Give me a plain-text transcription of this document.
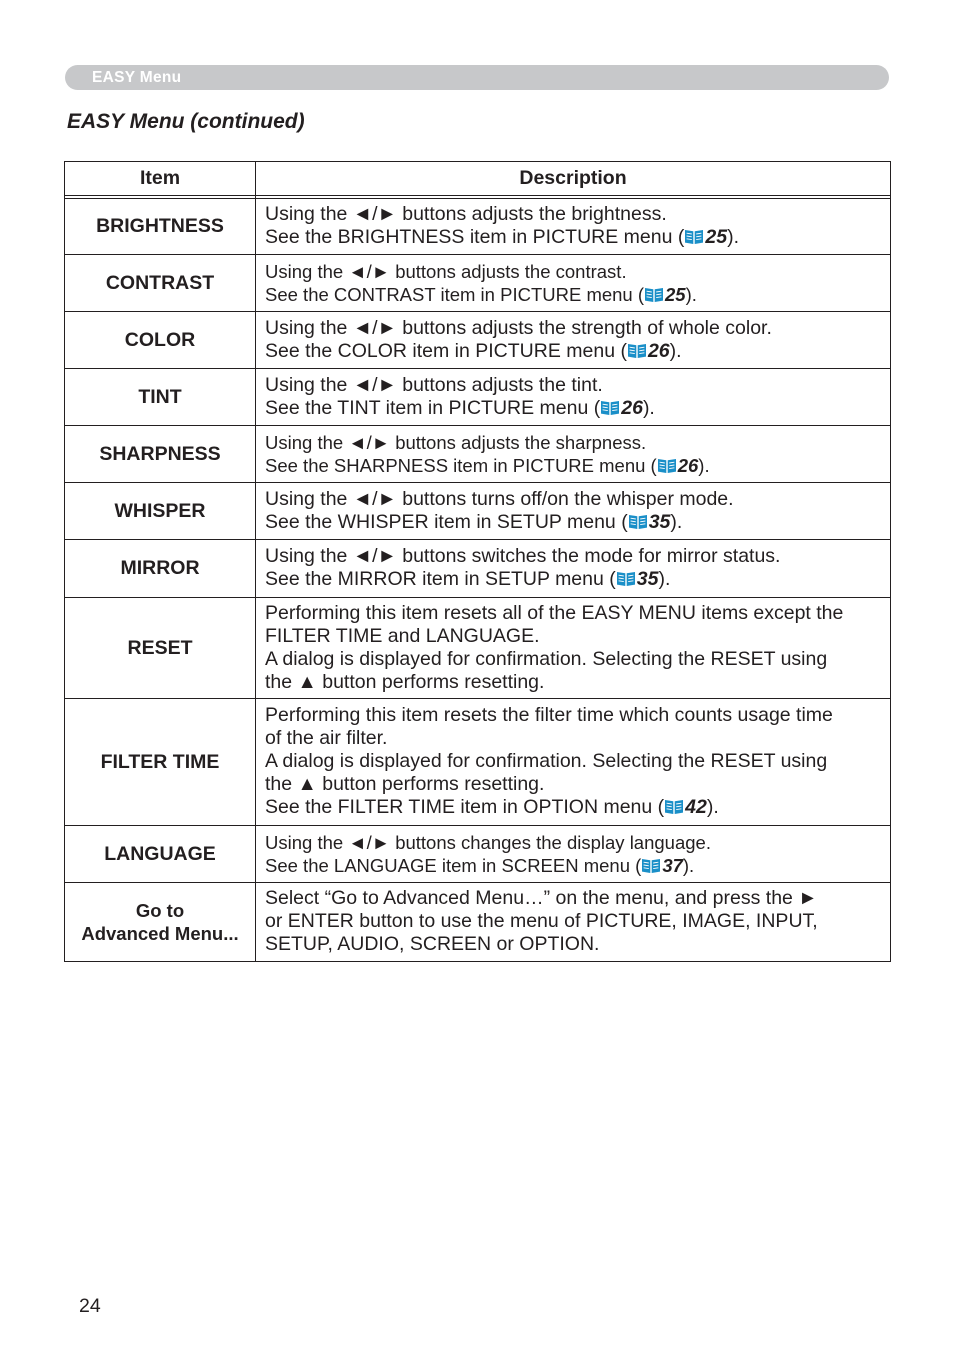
EASY Menu
EASY Menu (continued)
Item	Description

BRIGHTNESS	Using the ◄/► buttons adjusts the brightness.
See the BRIGHTNESS item in PICTURE menu ( 25).

CONTRAST	Using the ◄/► buttons adjusts the contrast.
See the CONTRAST item in PICTURE menu ( 25).

COLOR	Using the ◄/► buttons adjusts the strength of whole color.
See the COLOR item in PICTURE menu ( 26).

TINT	Using the ◄/► buttons adjusts the tint.
See the TINT item in PICTURE menu ( 26).

SHARPNESS	Using the ◄/► buttons adjusts the sharpness.
See the SHARPNESS item in PICTURE menu ( 26).

WHISPER	Using the ◄/► buttons turns off/on the whisper mode.
See the WHISPER item in SETUP menu ( 35).

MIRROR	Using the ◄/► buttons switches the mode for mirror status.
See the MIRROR item in SETUP menu ( 35).

RESET	Performing this item resets all of the EASY MENU items except the
FILTER TIME and LANGUAGE.
A dialog is displayed for confirmation. Selecting the RESET using
the ▲ button performs resetting.

FILTER TIME	Performing this item resets the filter time which counts usage time
of the air filter.
A dialog is displayed for confirmation. Selecting the RESET using
the ▲ button performs resetting.
See the FILTER TIME item in OPTION menu ( 42).

LANGUAGE	Using the ◄/► buttons changes the display language.
See the LANGUAGE item in SCREEN menu ( 37).

Go to
Advanced Menu...	Select “Go to Advanced Menu…” on the menu, and press the ►
or ENTER button to use the menu of PICTURE, IMAGE, INPUT,
SETUP, AUDIO, SCREEN or OPTION.
24
